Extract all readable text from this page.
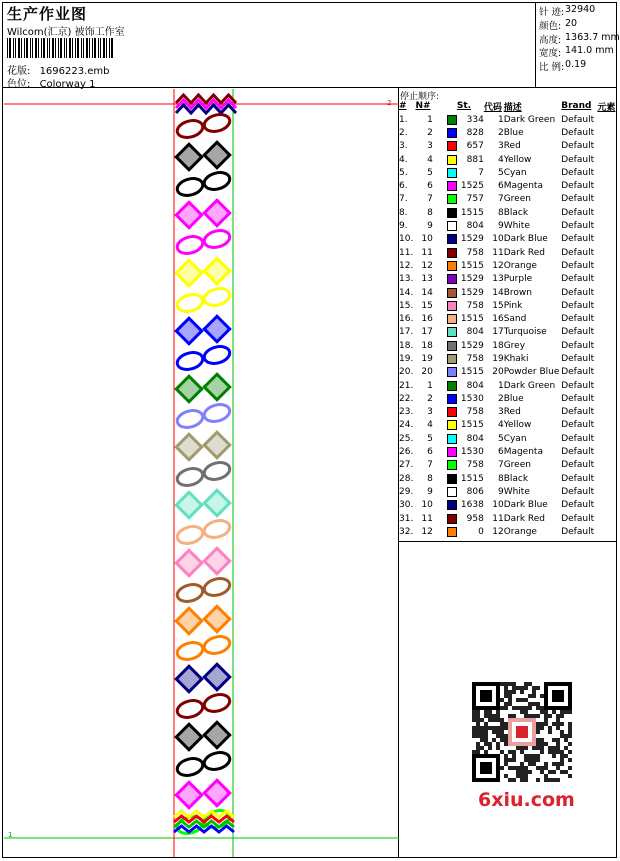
生产作业图
Wilcom(汇京) 被饰工作室
花版: 1696223.emb
色位: Colorway 1
针 迹: 32940
颜色: 20
高度: 1363.7 mm
宽度: 141.0 mm
比 例: 0.19
停止顺序:
#	N#		St.	代码	描述	Brand	元素
1.	1		334	1	Dark Green	Default	
2.	2		828	2	Blue	Default	
3.	3		657	3	Red	Default	
4.	4		881	4	Yellow	Default	
5.	5		7	5	Cyan	Default	
6.	6		1525	6	Magenta	Default	
7.	7		757	7	Green	Default	
8.	8		1515	8	Black	Default	
9.	9		804	9	White	Default	
10.	10		1529	10	Dark Blue	Default	
11.	11		758	11	Dark Red	Default	
12.	12		1515	12	Orange	Default	
13.	13		1529	13	Purple	Default	
14.	14		1529	14	Brown	Default	
15.	15		758	15	Pink	Default	
16.	16		1515	16	Sand	Default	
17.	17		804	17	Turquoise	Default	
18.	18		1529	18	Grey	Default	
19.	19		758	19	Khaki	Default	
20.	20		1515	20	Powder Blue	Default	
21.	1		804	1	Dark Green	Default	
22.	2		1530	2	Blue	Default	
23.	3		758	3	Red	Default	
24.	4		1515	4	Yellow	Default	
25.	5		804	5	Cyan	Default	
26.	6		1530	6	Magenta	Default	
27.	7		758	7	Green	Default	
28.	8		1515	8	Black	Default	
29.	9		806	9	White	Default	
30.	10		1638	10	Dark Blue	Default	
31.	11		958	11	Dark Red	Default	
32.	12		0	12	Orange	Default	
2
1
6xiu.com
